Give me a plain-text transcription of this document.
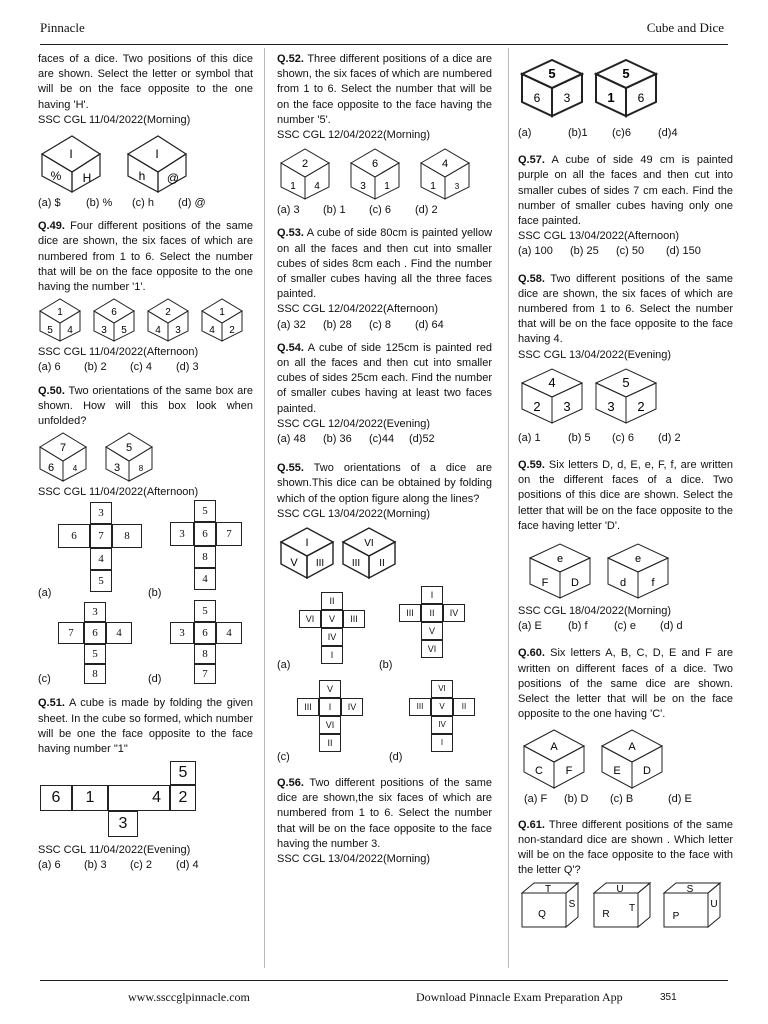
Pinnacle	Cube and Dice

faces of a dice. Two positions of this dice are shown. Select the letter or symbol that will be on the face opposite to the one having 'H'.

SSC CGL 11/04/2022(Morning)

I
% H
I
h @
(a) $	(b) %	(c) h	(d) @

Q.49. Four different positions of the same dice are shown, the six faces of which are numbered from 1 to 6. Select the number that will be on the face opposite to the one having the number '1'.

1
5 4
6
3 5
2
4 3
1
4 2

SSC CGL 11/04/2022(Afternoon)

(a) 6	(b) 2	(c) 4	(d) 3

Q.50. Two orientations of the same box are shown. How will this box look when unfolded?

7
6 4
5
3 8

SSC CGL 11/04/2022(Afternoon)

3
6	7	8
4
5
(a)
5
3	6	7
8
4
(b)
3
7	6	4
5
8
(c)
5
3	6	4
8
7
(d)

Q.51. A cube is made by folding the given sheet. In the cube so formed, which number will be one the face opposite to the face having number "1"

5
6	1	4	2
3

SSC CGL 11/04/2022(Evening)

(a) 6	(b) 3	(c) 2	(d) 4

Q.52. Three different positions of a dice are shown, the six faces of which are numbered from 1 to 6. Select the number that will be on the face opposite to the face having the number '5'.

SSC CGL 12/04/2022(Morning)

2
1 4
6
3 1
4
1 3
(a) 3	(b) 1	(c) 6	(d) 2

Q.53. A cube of side 80cm is painted yellow on all the faces and then cut into smaller cubes of sides 8cm each . Find the number of smaller cubes having all the three faces painted.

SSC CGL 12/04/2022(Afternoon)

(a) 32	(b) 28	(c) 8	(d) 64

Q.54. A cube of side 125cm is painted red on all the faces and then cut into smaller cubes of sides 25cm each. Find the number of smaller cubes having at least two faces painted.

SSC CGL 12/04/2022(Evening)

(a) 48	(b) 36	(c)44	(d)52

Q.55. Two orientations of a dice are shown.This dice can be obtained by folding which of the option figure along the lines?

SSC CGL 13/04/2022(Morning)

I
V III
VI
III II
II
VI	V	III
IV
I
(a)
I
III	II	IV
V
VI
(b)
V
III	I	IV
VI
II
(c)
VI
III	V	II
IV
I
(d)

Q.56. Two different positions of the same dice are shown,the six faces of which are numbered from 1 to 6. Select the number that will be on the face opposite to the face having the number 3.

SSC CGL 13/04/2022(Morning)

5
6 3
5
1 6
(a)	(b)1	(c)6	(d)4

Q.57. A cube of side 49 cm is painted purple on all the faces and then cut into smaller cubes of sides 7 cm each. Find the number of smaller cubes having only one face painted.

SSC CGL 13/04/2022(Afternoon)

(a) 100	(b) 25	(c) 50	(d) 150

Q.58. Two different positions of the same dice are shown, the six faces of which are numbered from 1 to 6. Select the number that will be on the face opposite to the face having 4.

SSC CGL 13/04/2022(Evening)

4
2 3
5
3 2
(a) 1	(b) 5	(c) 6	(d) 2

Q.59. Six letters D, d, E, e, F, f, are written on the different faces of a dice. Two positions of this dice are shown. Select the letter that will be on the face opposite to the face having letter 'D'.

e
F D
e
d f

SSC CGL 18/04/2022(Morning)

(a) E	(b) f	(c) e	(d) d

Q.60. Six letters A, B, C, D, E and F are written on different faces of a dice. Two positions of the same dice are shown. Select the letter that will be on the face opposite to the one having 'C'.

A
C F
A
E D
(a) F	(b) D	(c) B	(d) E

Q.61. Three different positions of the same non-standard dice are shown . Which letter will be on the face opposite to the face with the letter Q'?

T
Q
S
U
R
T
S
P
U
www.ssccglpinnacle.com	Download Pinnacle Exam Preparation App	351
